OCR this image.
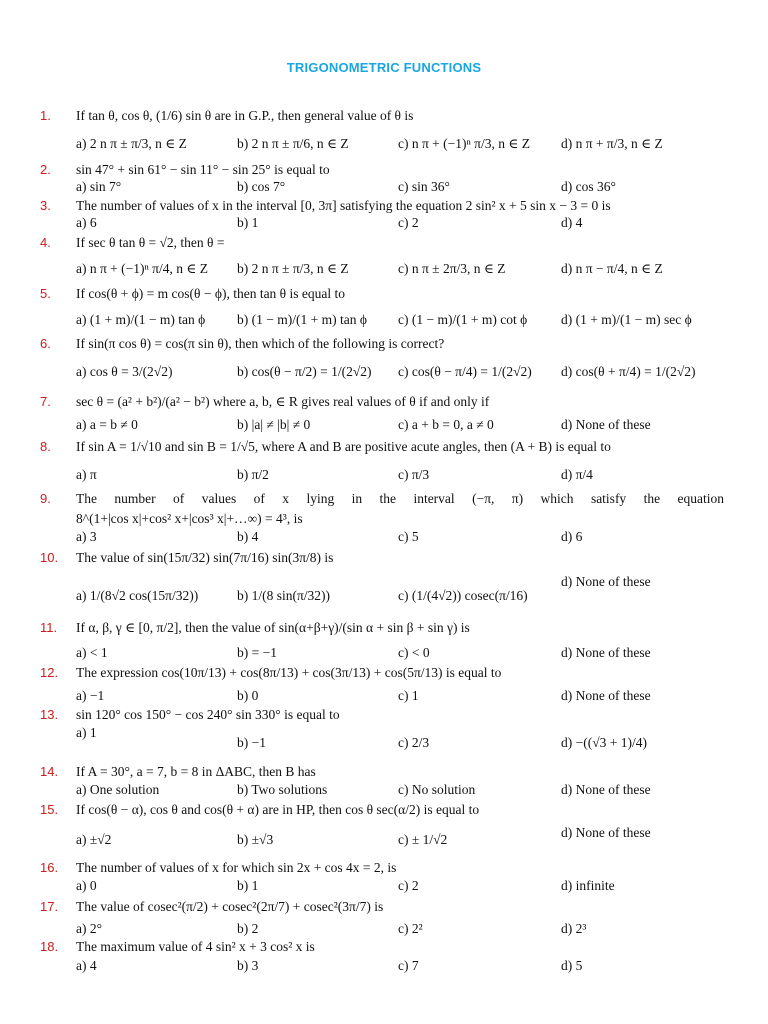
TRIGONOMETRIC FUNCTIONS
1.	If tan θ, cos θ, (1/6) sin θ are in G.P., then general value of θ is
a) 2 n π ± π/3, n ∈ Z	b) 2 n π ± π/6, n ∈ Z	c) n π + (−1)ⁿ π/3, n ∈ Z d) n π + π/3, n ∈ Z
2.	sin 47° + sin 61° − sin 11° − sin 25° is equal to
a) sin 7°	b) cos 7°	c) sin 36°	d) cos 36°
3.	The number of values of x in the interval [0, 3π] satisfying the equation 2 sin² x + 5 sin x − 3 = 0 is
a) 6	b) 1	c) 2	d) 4
4.	If sec θ tan θ = √2, then θ =
a) n π + (−1)ⁿ π/4, n ∈ Z b) 2 n π ± π/3, n ∈ Z	c) n π ± 2π/3, n ∈ Z	d) n π − π/4, n ∈ Z
5.	If cos(θ + ϕ) = m cos(θ − ϕ), then tan θ is equal to
a) (1 + m)/(1 − m) tan ϕ b) (1 − m)/(1 + m) tan ϕ c) (1 − m)/(1 + m) cot ϕ	d) (1 + m)/(1 − m) sec ϕ
6.	If sin(π cos θ) = cos(π sin θ), then which of the following is correct?
a) cos θ = 3/(2√2)	b) cos(θ − π/2) = 1/(2√2) c) cos(θ − π/4) = 1/(2√2) d) cos(θ + π/4) = 1/(2√2)
7.	sec θ = (a² + b²)/(a² − b²) where a, b, ∈ R gives real values of θ if and only if
a) a = b ≠ 0	b) |a| ≠ |b| ≠ 0	c) a + b = 0, a ≠ 0	d) None of these
8.	If sin A = 1/√10 and sin B = 1/√5, where A and B are positive acute angles, then (A + B) is equal to
a) π	b) π/2	c) π/3	d) π/4
9.	The number of values of x lying in the interval (−π, π) which satisfy the equation
8^(1+|cos x|+cos² x+|cos³ x|+…∞) = 4³, is
a) 3	b) 4	c) 5	d) 6
10.	The value of sin(15π/32) sin(7π/16) sin(3π/8) is
a) 1/(8√2 cos(15π/32))	b) 1/(8 sin(π/32))	c) (1/(4√2)) cosec(π/16)
d) None of these
11.	If α, β, γ ∈ [0, π/2], then the value of sin(α+β+γ)/(sin α + sin β + sin γ) is
a) < 1	b) = −1	c) < 0	d) None of these
12.	The expression cos(10π/13) + cos(8π/13) + cos(3π/13) + cos(5π/13) is equal to
a) −1	b) 0	c) 1	d) None of these
13.	sin 120° cos 150° − cos 240° sin 330° is equal to
a) 1
b) −1	c) 2/3	d) −((√3 + 1)/4)
14.	If A = 30°, a = 7, b = 8 in ΔABC, then B has
a) One solution	b) Two solutions	c) No solution	d) None of these
15.	If cos(θ − α), cos θ and cos(θ + α) are in HP, then cos θ sec(α/2) is equal to
a) ±√2	b) ±√3	c) ± 1/√2	d) None of these
16.	The number of values of x for which sin 2x + cos 4x = 2, is
a) 0	b) 1	c) 2	d) infinite
17.	The value of cosec²(π/2) + cosec²(2π/7) + cosec²(3π/7) is
a) 2°	b) 2	c) 2²	d) 2³
18.	The maximum value of 4 sin² x + 3 cos² x is
a) 4	b) 3	c) 7	d) 5
